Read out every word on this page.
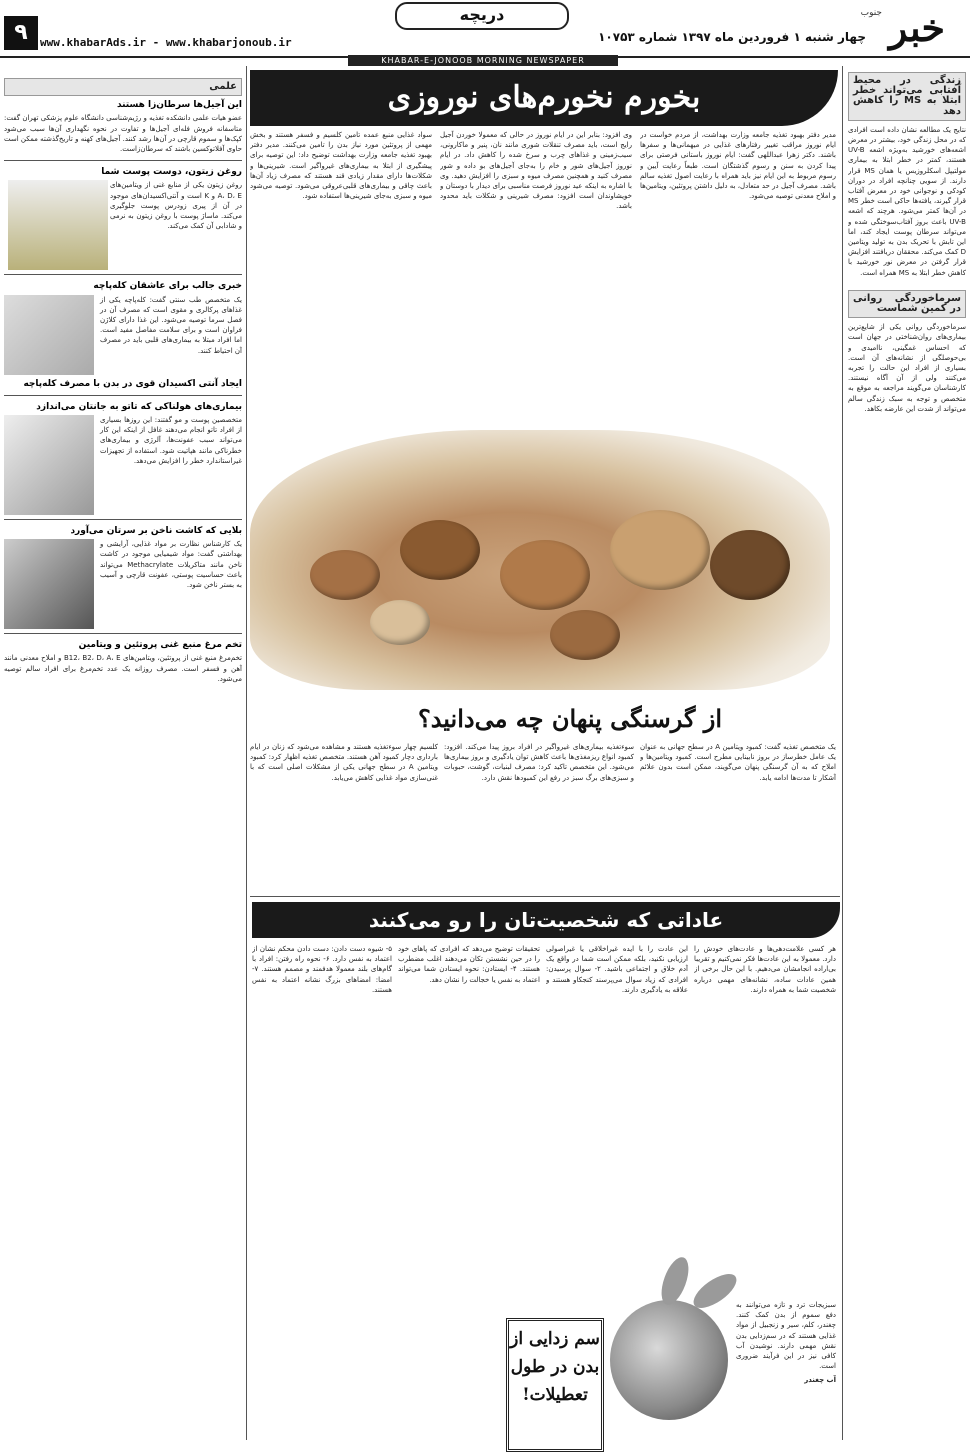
خبر
جنوب
چهار شنبه ۱ فروردین ماه ۱۳۹۷ شماره ۱۰۷۵۳
دریچه
www.khabarAds.ir - www.khabarjonoub.ir
۹
KHABAR-E-JONOOB MORNING NEWSPAPER
زندگی در محیط آفتابی می‌تواند خطر ابتلا به MS را کاهش دهد

نتایج یک مطالعه نشان داده است افرادی که در محل زندگی خود، بیشتر در معرض اشعه‌های خورشید به‌ویژه اشعه UV-B هستند، کمتر در خطر ابتلا به بیماری مولتیپل اسکلروزیس یا همان MS قرار دارند. از سویی چنانچه افراد در دوران کودکی و نوجوانی خود در معرض آفتاب قرار گیرند، یافته‌ها حاکی است خطر MS در آن‌ها کمتر می‌شود. هرچند که اشعه UV-B باعث بروز آفتاب‌سوختگی شده و می‌تواند سرطان پوست ایجاد کند، اما این تابش با تحریک بدن به تولید ویتامین D کمک می‌کند. محققان دریافتند افزایش قرار گرفتن در معرض نور خورشید با کاهش خطر ابتلا به MS همراه است.

سرماخوردگی روانی در کمین شماست

سرماخوردگی روانی یکی از شایع‌ترین بیماری‌های روان‌شناختی در جهان است که احساس غمگینی، ناامیدی و بی‌حوصلگی از نشانه‌های آن است. بسیاری از افراد این حالت را تجربه می‌کنند ولی از آن آگاه نیستند. کارشناسان می‌گویند مراجعه به موقع به متخصص و توجه به سبک زندگی سالم می‌تواند از شدت این عارضه بکاهد.

بخورم نخورم‌های نوروزی

مدیر دفتر بهبود تغذیه جامعه وزارت بهداشت، از مردم خواست در ایام نوروز مراقب تغییر رفتارهای غذایی در میهمانی‌ها و سفرها باشند. دکتر زهرا عبداللهی گفت: ایام نوروز باستانی فرصتی برای پیدا کردن به سنن و رسوم گذشتگان است. طبعاً رعایت آیین و رسوم مربوط به این ایام نیز باید همراه با رعایت اصول تغذیه سالم باشد. مصرف آجیل در حد متعادل، به دلیل داشتن پروتئین، ویتامین‌ها و املاح معدنی توصیه می‌شود.

وی افزود: بنابر این در ایام نوروز در حالی که معمولا خوردن آجیل رایج است، باید مصرف تنقلات شوری مانند نان، پنیر و ماکارونی، سیب‌زمینی و غذاهای چرب و سرخ شده را کاهش داد. در ایام نوروز آجیل‌های شور و خام را به‌جای آجیل‌های بو داده و شور مصرف کنید و همچنین مصرف میوه و سبزی را افزایش دهید. وی با اشاره به اینکه عید نوروز فرصت مناسبی برای دیدار با دوستان و خویشاوندان است افزود: مصرف شیرینی و شکلات باید محدود باشد.

سواد غذایی منبع عمده تامین کلسیم و فسفر هستند و بخش مهمی از پروتئین مورد نیاز بدن را تامین می‌کنند. مدیر دفتر بهبود تغذیه جامعه وزارت بهداشت توضیح داد: این توصیه برای پیشگیری از ابتلا به بیماری‌های غیرواگیر است. شیرینی‌ها و شکلات‌ها دارای مقدار زیادی قند هستند که مصرف زیاد آن‌ها باعث چاقی و بیماری‌های قلبی‌عروقی می‌شود. توصیه می‌شود میوه و سبزی به‌جای شیرینی‌ها استفاده شود.

از گرسنگی پنهان چه می‌دانید؟

یک متخصص تغذیه گفت: کمبود ویتامین A در سطح جهانی به عنوان یک عامل خطرساز در بروز نابینایی مطرح است. کمبود ویتامین‌ها و املاح که به آن گرسنگی پنهان می‌گویند، ممکن است بدون علائم آشکار تا مدت‌ها ادامه یابد.

سوءتغذیه بیماری‌های غیرواگیر در افراد بروز پیدا می‌کند. افزود: کمبود انواع ریزمغذی‌ها باعث کاهش توان یادگیری و بروز بیماری‌ها می‌شود. این متخصص تاکید کرد: مصرف لبنیات، گوشت، حبوبات و سبزی‌های برگ سبز در رفع این کمبودها نقش دارد.

کلسیم چهار سوءتغذیه هستند و مشاهده می‌شود که زنان در ایام بارداری دچار کمبود آهن هستند. متخصص تغذیه اظهار کرد: کمبود ویتامین A در سطح جهانی یکی از مشکلات اصلی است که با غنی‌سازی مواد غذایی کاهش می‌یابد.

عاداتی که شخصیت‌تان را رو می‌کنند

هر کسی علامت‌دهی‌ها و عادت‌های خودش را دارد. معمولا به این عادت‌ها فکر نمی‌کنیم و تقریبا بی‌اراده انجامشان می‌دهیم. با این حال برخی از همین عادات ساده، نشانه‌های مهمی درباره شخصیت شما به همراه دارند.

این عادت را با ایده غیراخلاقی یا غیراصولی ارزیابی نکنید، بلکه ممکن است شما در واقع یک آدم خلاق و اجتماعی باشید. ۲- سوال پرسیدن: افرادی که زیاد سوال می‌پرسند کنجکاو هستند و علاقه به یادگیری دارند.

تحقیقات توضیح می‌دهد که افرادی که پاهای خود را در حین نشستن تکان می‌دهند اغلب مضطرب هستند. ۴- ایستادن: نحوه ایستادن شما می‌تواند اعتماد به نفس یا خجالت را نشان دهد.

۵- شیوه دست دادن: دست دادن محکم نشان از اعتماد به نفس دارد. ۶- نحوه راه رفتن: افراد با گام‌های بلند معمولا هدفمند و مصمم هستند. ۷- امضا: امضاهای بزرگ نشانه اعتماد به نفس هستند.

سبزیجات ترد و تازه می‌توانند به دفع سموم از بدن کمک کنند. چغندر، کلم، سیر و زنجبیل از مواد غذایی هستند که در سم‌زدایی بدن نقش مهمی دارند. نوشیدن آب کافی نیز در این فرآیند ضروری است.

آب چغندر

سم زدایی از بدن در طول تعطیلات!
علمی
این آجیل‌ها سرطان‌زا هستند

عضو هیات علمی دانشکده تغذیه و رژیم‌شناسی دانشگاه علوم پزشکی تهران گفت: متاسفانه فروش فله‌ای آجیل‌ها و تفاوت در نحوه نگهداری آن‌ها سبب می‌شود کپک‌ها و سموم قارچی در آن‌ها رشد کنند. آجیل‌های کهنه و تاریخ‌گذشته ممکن است حاوی آفلاتوکسین باشند که سرطان‌زاست.

روغن زیتون، دوست پوست شما

روغن زیتون یکی از منابع غنی از ویتامین‌های A، D، E و K است و آنتی‌اکسیدان‌های موجود در آن از پیری زودرس پوست جلوگیری می‌کند. ماساژ پوست با روغن زیتون به نرمی و شادابی آن کمک می‌کند.

خبری جالب برای عاشقان کله‌پاچه

یک متخصص طب سنتی گفت: کله‌پاچه یکی از غذاهای پرکالری و مقوی است که مصرف آن در فصل سرما توصیه می‌شود. این غذا دارای کلاژن فراوان است و برای سلامت مفاصل مفید است. اما افراد مبتلا به بیماری‌های قلبی باید در مصرف آن احتیاط کنند.

ایجاد آنتی اکسیدان قوی در بدن با مصرف کله‌پاچه
بیماری‌های هولناکی که تاتو به جانتان می‌اندازد

متخصصین پوست و مو گفتند: این روزها بسیاری از افراد تاتو انجام می‌دهند غافل از اینکه این کار می‌تواند سبب عفونت‌ها، آلرژی و بیماری‌های خطرناکی مانند هپاتیت شود. استفاده از تجهیزات غیراستاندارد خطر را افزایش می‌دهد.

بلایی که کاشت ناخن بر سرتان می‌آورد

یک کارشناس نظارت بر مواد غذایی، آرایشی و بهداشتی گفت: مواد شیمیایی موجود در کاشت ناخن مانند متاکریلات Methacrylate می‌تواند باعث حساسیت پوستی، عفونت قارچی و آسیب به بستر ناخن شود.

تخم مرغ منبع غنی پروتئین و ویتامین

تخم‌مرغ منبع غنی از پروتئین، ویتامین‌های B12، B2، D، A، E و املاح معدنی مانند آهن و فسفر است. مصرف روزانه یک عدد تخم‌مرغ برای افراد سالم توصیه می‌شود.
